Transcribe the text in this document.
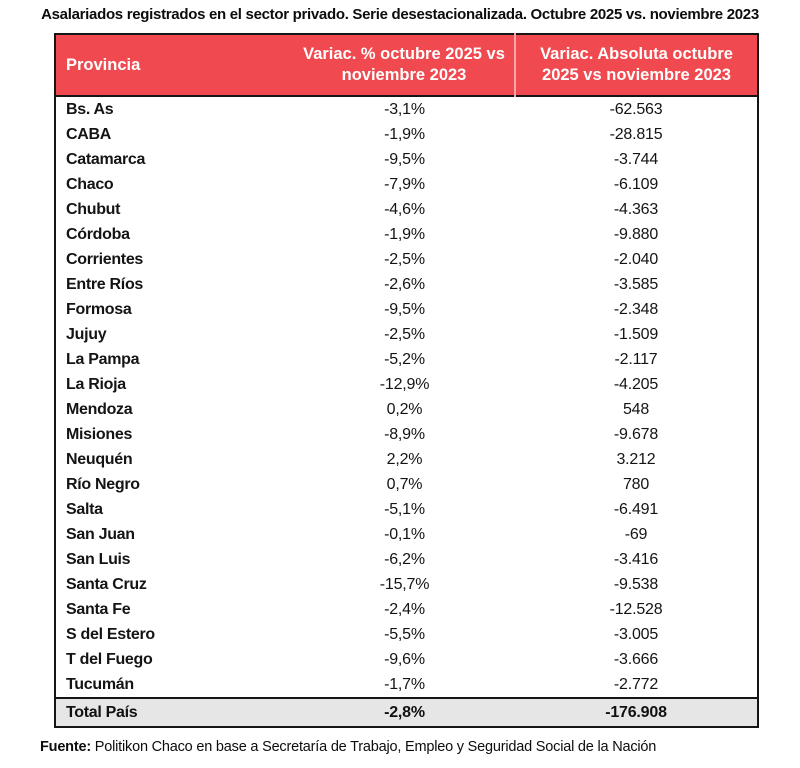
Asalariados registrados en el sector privado. Serie desestacionalizada. Octubre 2025 vs. noviembre 2023
Provincia	Variac. % octubre 2025 vs noviembre 2023	Variac. Absoluta octubre 2025 vs noviembre 2023
Bs. As	-3,1%	-62.563
CABA	-1,9%	-28.815
Catamarca	-9,5%	-3.744
Chaco	-7,9%	-6.109
Chubut	-4,6%	-4.363
Córdoba	-1,9%	-9.880
Corrientes	-2,5%	-2.040
Entre Ríos	-2,6%	-3.585
Formosa	-9,5%	-2.348
Jujuy	-2,5%	-1.509
La Pampa	-5,2%	-2.117
La Rioja	-12,9%	-4.205
Mendoza	0,2%	548
Misiones	-8,9%	-9.678
Neuquén	2,2%	3.212
Río Negro	0,7%	780
Salta	-5,1%	-6.491
San Juan	-0,1%	-69
San Luis	-6,2%	-3.416
Santa Cruz	-15,7%	-9.538
Santa Fe	-2,4%	-12.528
S del Estero	-5,5%	-3.005
T del Fuego	-9,6%	-3.666
Tucumán	-1,7%	-2.772
Total País	-2,8%	-176.908
Fuente: Politikon Chaco en base a Secretaría de Trabajo, Empleo y Seguridad Social de la Nación
